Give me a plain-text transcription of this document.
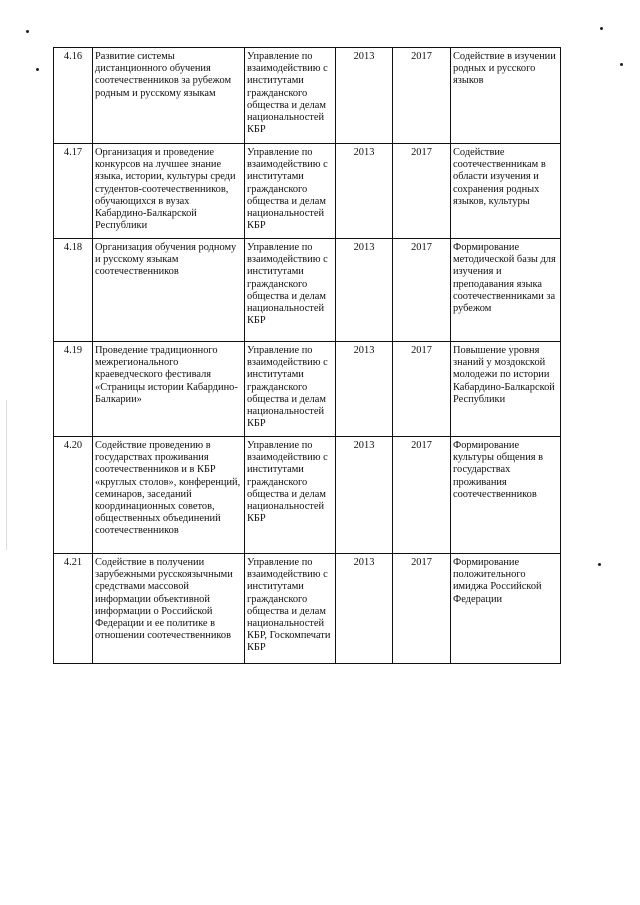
4.16	Развитие системы дистанционного обучения соотечественников за рубежом родным и русскому языкам	Управление по взаимодействию с институтами гражданского общества и делам национальностей КБР	2013	2017	Содействие в изучении родных и русского языков
4.17	Организация и проведение конкурсов на лучшее знание языка, истории, культуры среди студентов-соотечественников, обучающихся в вузах Кабардино-Балкарской Республики	Управление по взаимодействию с институтами гражданского общества и делам национальностей КБР	2013	2017	Содействие соотечественникам в области изучения и сохранения родных языков, культуры
4.18	Организация обучения родному и русскому языкам соотечественников	Управление по взаимодействию с институтами гражданского общества и делам национальностей КБР	2013	2017	Формирование методической базы для изучения и преподавания языка соотечественниками за рубежом
4.19	Проведение традиционного межрегионального краеведческого фестиваля «Страницы истории Кабардино-Балкарии»	Управление по взаимодействию с институтами гражданского общества и делам национальностей КБР	2013	2017	Повышение уровня знаний у моздокской молодежи по истории Кабардино-Балкарской Республики
4.20	Содействие проведению в государствах проживания соотечественников и в КБР «круглых столов», конференций, семинаров, заседаний координационных советов, общественных объединений соотечественников	Управление по взаимодействию с институтами гражданского общества и делам национальностей КБР	2013	2017	Формирование культуры общения в государствах проживания соотечественников
4.21	Содействие в получении зарубежными русскоязычными средствами массовой информации объективной информации о Российской Федерации и ее политике в отношении соотечественников	Управление по взаимодействию с институтами гражданского общества и делам национальностей КБР, Госкомпечати КБР	2013	2017	Формирование положительного имиджа Российской Федерации
